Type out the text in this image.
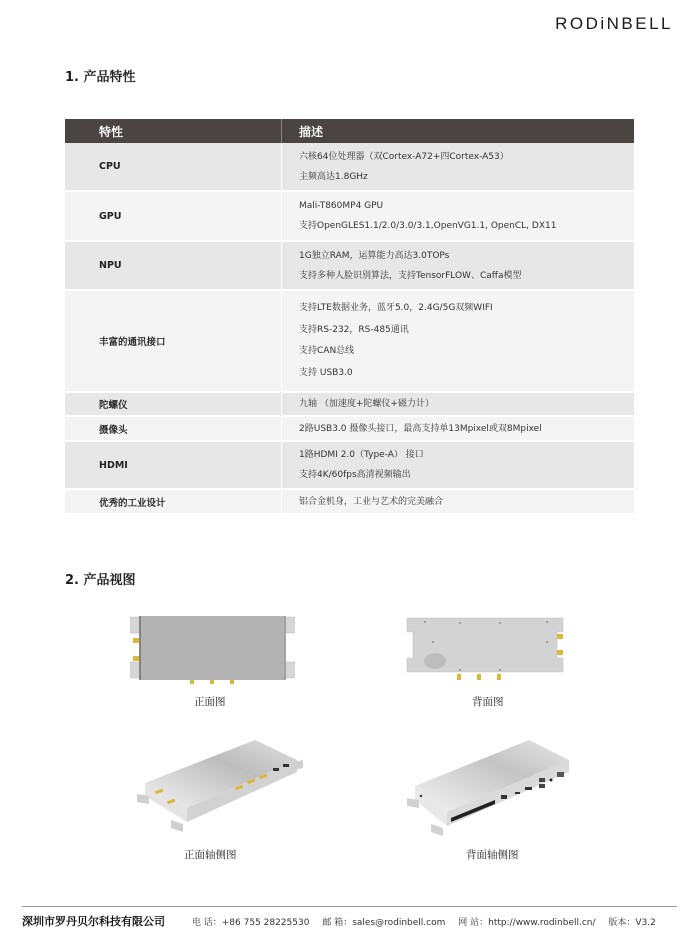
RODiNBELL
1. 产品特性
特性	描述
CPU	六核64位处理器（双Cortex-A72+四Cortex-A53）
主频高达1.8GHz

GPU	Mali-T860MP4 GPU
支持OpenGLES1.1/2.0/3.0/3.1,OpenVG1.1, OpenCL, DX11

NPU	1G独立RAM，运算能力高达3.0TOPs
支持多种人脸识别算法，支持TensorFLOW、Caffa模型

丰富的通讯接口	支持LTE数据业务，蓝牙5.0，2.4G/5G双频WIFI
支持RS-232，RS-485通讯
支持CAN总线
支持 USB3.0

陀螺仪	九轴 （加速度+陀螺仪+磁力计）

摄像头	2路USB3.0 摄像头接口，最高支持单13Mpixel或双8Mpixel

HDMI	1路HDMI 2.0（Type-A） 接口
支持4K/60fps高清视频输出

优秀的工业设计	铝合金机身，工业与艺术的完美融合
2. 产品视图
正面图	背面图
正面轴侧图	背面轴侧图
深圳市罗丹贝尔科技有限公司	电 话：+86 755 28225530 邮 箱：sales@rodinbell.com 网 站：http://www.rodinbell.cn/ 版本：V3.2
